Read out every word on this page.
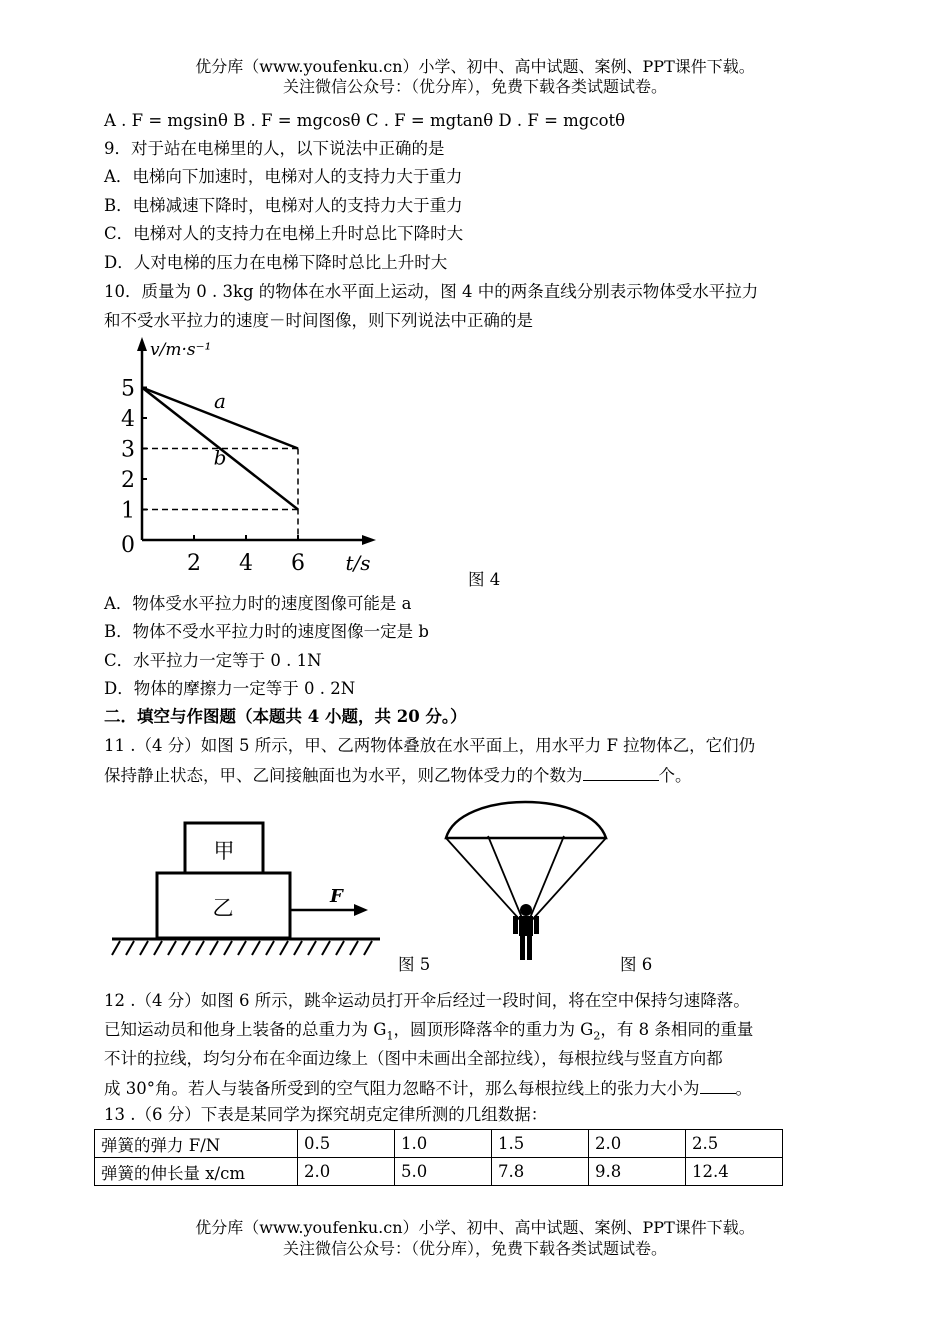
优分库（www.youfenku.cn）小学、初中、高中试题、案例、PPT课件下载。
关注微信公众号：（优分库），免费下载各类试题试卷。
A . F = mgsinθ B . F = mgcosθ C . F = mgtanθ D . F = mgcotθ
9．对于站在电梯里的人，以下说法中正确的是
A．电梯向下加速时，电梯对人的支持力大于重力
B．电梯减速下降时，电梯对人的支持力大于重力
C．电梯对人的支持力在电梯上升时总比下降时大
D．人对电梯的压力在电梯下降时总比上升时大
10．质量为 0 . 3kg 的物体在水平面上运动，图 4 中的两条直线分别表示物体受水平拉力
和不受水平拉力的速度－时间图像，则下列说法中正确的是
1
2
3
4
5
2 4 6
0
t/s
v/m·s⁻¹
a
b
图 4
A．物体受水平拉力时的速度图像可能是 a
B．物体不受水平拉力时的速度图像一定是 b
C．水平拉力一定等于 0 . 1N
D．物体的摩擦力一定等于 0 . 2N
二．填空与作图题（本题共 4 小题，共 20 分。）
11 .（4 分）如图 5 所示，甲、乙两物体叠放在水平面上，用水平力 F 拉物体乙，它们仍
保持静止状态，甲、乙间接触面也为水平，则乙物体受力的个数为	个。
甲
乙	F
图 5	图 6
12 .（4 分）如图 6 所示，跳伞运动员打开伞后经过一段时间，将在空中保持匀速降落。
已知运动员和他身上装备的总重力为 $G_1$，圆顶形降落伞的重力为 $G_2$，有 8 条相同的重量
不计的拉线，均匀分布在伞面边缘上（图中未画出全部拉线），每根拉线与竖直方向都
成 30°角。若人与装备所受到的空气阻力忽略不计，那么每根拉线上的张力大小为 。
13 .（6 分）下表是某同学为探究胡克定律所测的几组数据：
弹簧的弹力 F/N	0.5	1.0	1.5	2.0	2.5
弹簧的伸长量 x/cm	2.0	5.0	7.8	9.8	12.4
优分库（www.youfenku.cn）小学、初中、高中试题、案例、PPT课件下载。
关注微信公众号：（优分库），免费下载各类试题试卷。
